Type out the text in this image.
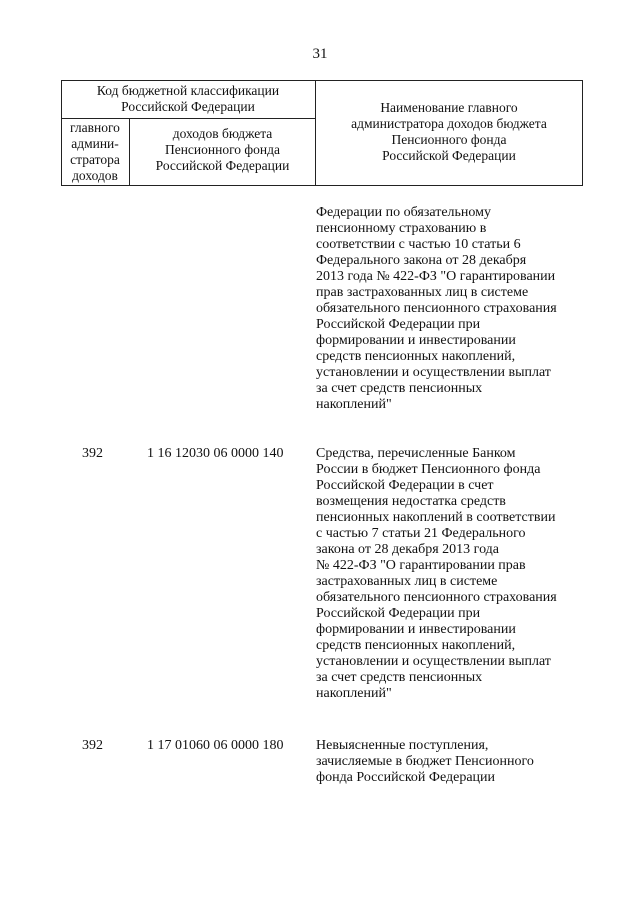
31
Код бюджетной классификации
Российской Федерации
главного
админи-
стратора
доходов
доходов бюджета
Пенсионного фонда
Российской Федерации
Наименование главного
администратора доходов бюджета
Пенсионного фонда
Российской Федерации
Федерации по обязательному
пенсионному страхованию в
соответствии с частью 10 статьи 6
Федерального закона от 28 декабря
2013 года № 422-ФЗ "О гарантировании
прав застрахованных лиц в системе
обязательного пенсионного страхования
Российской Федерации при
формировании и инвестировании
средств пенсионных накоплений,
установлении и осуществлении выплат
за счет средств пенсионных
накоплений"
392	1 16 12030 06 0000 140 Средства, перечисленные Банком
России в бюджет Пенсионного фонда
Российской Федерации в счет
возмещения недостатка средств
пенсионных накоплений в соответствии
с частью 7 статьи 21 Федерального
закона от 28 декабря 2013 года
№ 422-ФЗ "О гарантировании прав
застрахованных лиц в системе
обязательного пенсионного страхования
Российской Федерации при
формировании и инвестировании
средств пенсионных накоплений,
установлении и осуществлении выплат
за счет средств пенсионных
накоплений"
392	1 17 01060 06 0000 180 Невыясненные поступления,
зачисляемые в бюджет Пенсионного
фонда Российской Федерации
